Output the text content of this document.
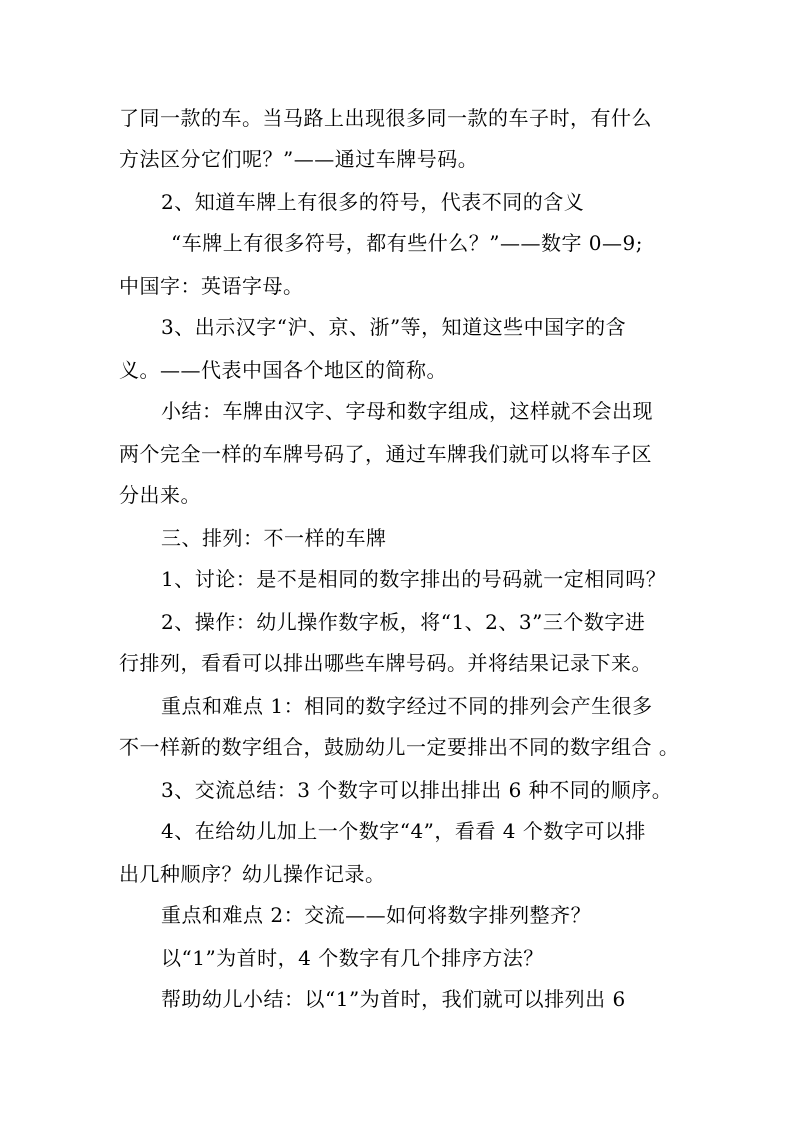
了同一款的车。当马路上出现很多同一款的车子时，有什么
方法区分它们呢？”——通过车牌号码。
2、知道车牌上有很多的符号，代表不同的含义
“车牌上有很多符号，都有些什么？”——数字 0—9;
中国字：英语字母。
3、出示汉字“沪、京、浙”等，知道这些中国字的含
义。——代表中国各个地区的简称。
小结：车牌由汉字、字母和数字组成，这样就不会出现
两个完全一样的车牌号码了，通过车牌我们就可以将车子区
分出来。
三、排列：不一样的车牌
1、讨论：是不是相同的数字排出的号码就一定相同吗？
2、操作：幼儿操作数字板，将“1、2、3”三个数字进
行排列，看看可以排出哪些车牌号码。并将结果记录下来。
重点和难点 1：相同的数字经过不同的排列会产生很多
不一样新的数字组合，鼓励幼儿一定要排出不同的数字组合 。
3、交流总结：3 个数字可以排出排出 6 种不同的顺序。
4、在给幼儿加上一个数字“4”，看看 4 个数字可以排
出几种顺序？幼儿操作记录。
重点和难点 2：交流——如何将数字排列整齐？
以“1”为首时，4 个数字有几个排序方法？
帮助幼儿小结：以“1”为首时，我们就可以排列出 6
